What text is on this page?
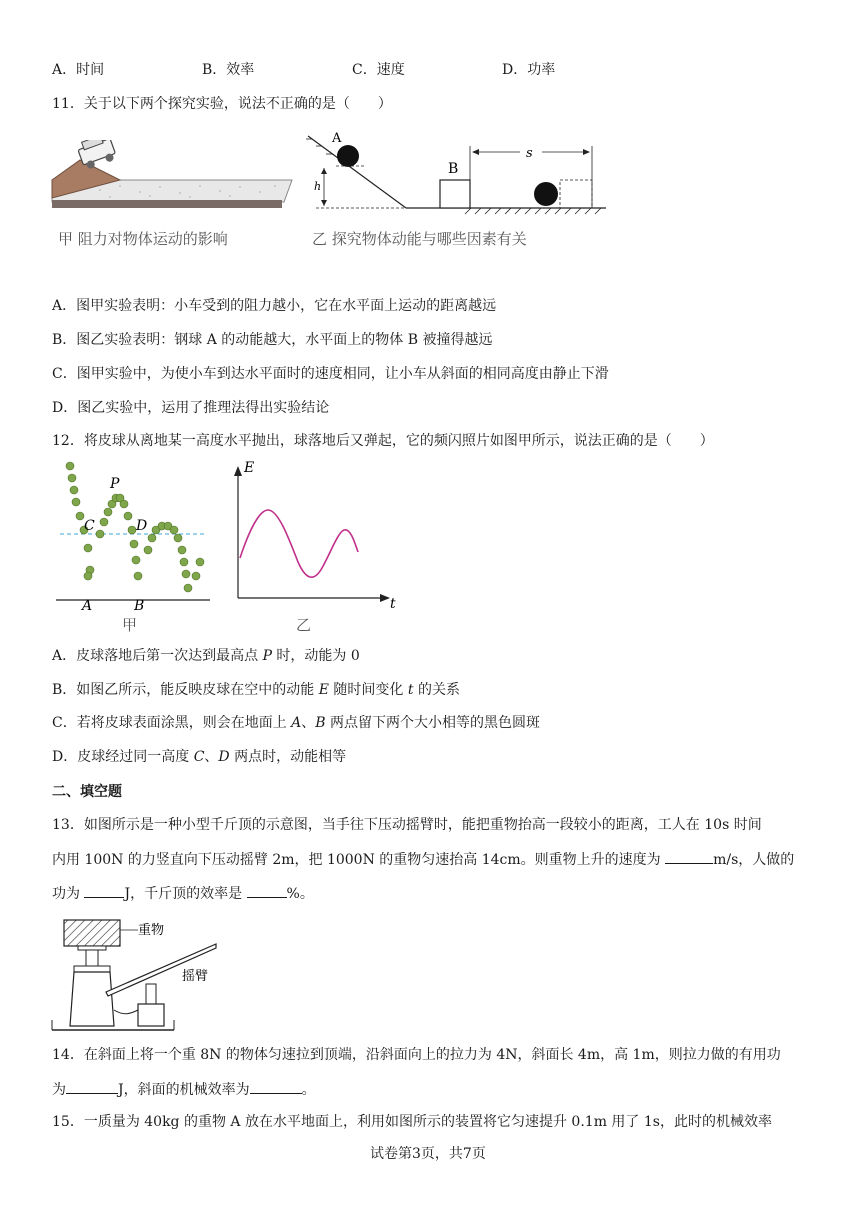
A．时间	B．效率	C．速度	D．功率
11．关于以下两个探究实验，说法不正确的是（　　）
甲 阻力对物体运动的影响
A
h
B
s
乙 探究物体动能与哪些因素有关
A．图甲实验表明：小车受到的阻力越小，它在水平面上运动的距离越远
B．图乙实验表明：钢球 A 的动能越大，水平面上的物体 B 被撞得越远
C．图甲实验中，为使小车到达水平面时的速度相同，让小车从斜面的相同高度由静止下滑
D．图乙实验中，运用了推理法得出实验结论
12．将皮球从离地某一高度水平抛出，球落地后又弹起，它的频闪照片如图甲所示，说法正确的是（　　）
P
C	D
A	B
甲
E
t
乙
A．皮球落地后第一次达到最高点 P 时，动能为 0
B．如图乙所示，能反映皮球在空中的动能 E 随时间变化 t 的关系
C．若将皮球表面涂黑，则会在地面上 A、B 两点留下两个大小相等的黑色圆斑
D．皮球经过同一高度 C、D 两点时，动能相等
二、填空题
13．如图所示是一种小型千斤顶的示意图，当手往下压动摇臂时，能把重物抬高一段较小的距离，工人在 10s 时间
内用 100N 的力竖直向下压动摇臂 2m，把 1000N 的重物匀速抬高 14cm。则重物上升的速度为	m/s，人做的
功为	J，千斤顶的效率是	%。
重物
摇臂
14．在斜面上将一个重 8N 的物体匀速拉到顶端，沿斜面向上的拉力为 4N，斜面长 4m，高 1m，则拉力做的有用功
为	J，斜面的机械效率为	。
15．一质量为 40kg 的重物 A 放在水平地面上，利用如图所示的装置将它匀速提升 0.1m 用了 1s，此时的机械效率
试卷第3页，共7页
